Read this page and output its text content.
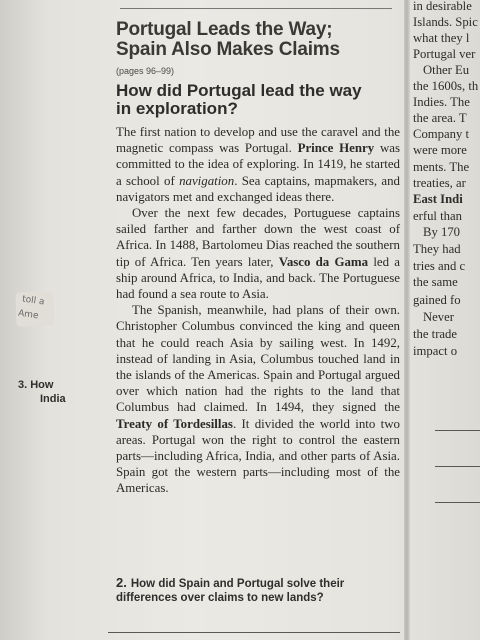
toll a
Ame
Portugal Leads the Way;
Spain Also Makes Claims
(pages 96–99)
How did Portugal lead the way
in exploration?

The first nation to develop and use the caravel and the magnetic compass was Portugal. Prince Henry was committed to the idea of exploring. In 1419, he started a school of navigation. Sea captains, mapmakers, and navigators met and exchanged ideas there.

Over the next few decades, Portuguese captains sailed farther and farther down the west coast of Africa. In 1488, Bartolomeu Dias reached the southern tip of Africa. Ten years later, Vasco da Gama led a ship around Africa, to India, and back. The Portuguese had found a sea route to Asia.

The Spanish, meanwhile, had plans of their own. Christopher Columbus convinced the king and queen that he could reach Asia by sailing west. In 1492, instead of landing in Asia, Columbus touched land in the islands of the Americas. Spain and Portugal argued over which nation had the rights to the land that Columbus had claimed. In 1494, they signed the Treaty of Tordesillas. It divided the world into two areas. Portugal won the right to control the eastern parts—including Africa, India, and other parts of Asia. Spain got the western parts—including most of the Americas.

2. How did Spain and Portugal solve their differences over claims to new lands?
in desirable
Islands. Spic
what they l
Portugal ver
Other Eu
the 1600s, th
Indies. The
the area. T
Company t
were more
ments. The
treaties, ar
East Indi
erful than
By 170
They had
tries and c
the same
gained fo
Never
the trade
impact o
3. How
India
